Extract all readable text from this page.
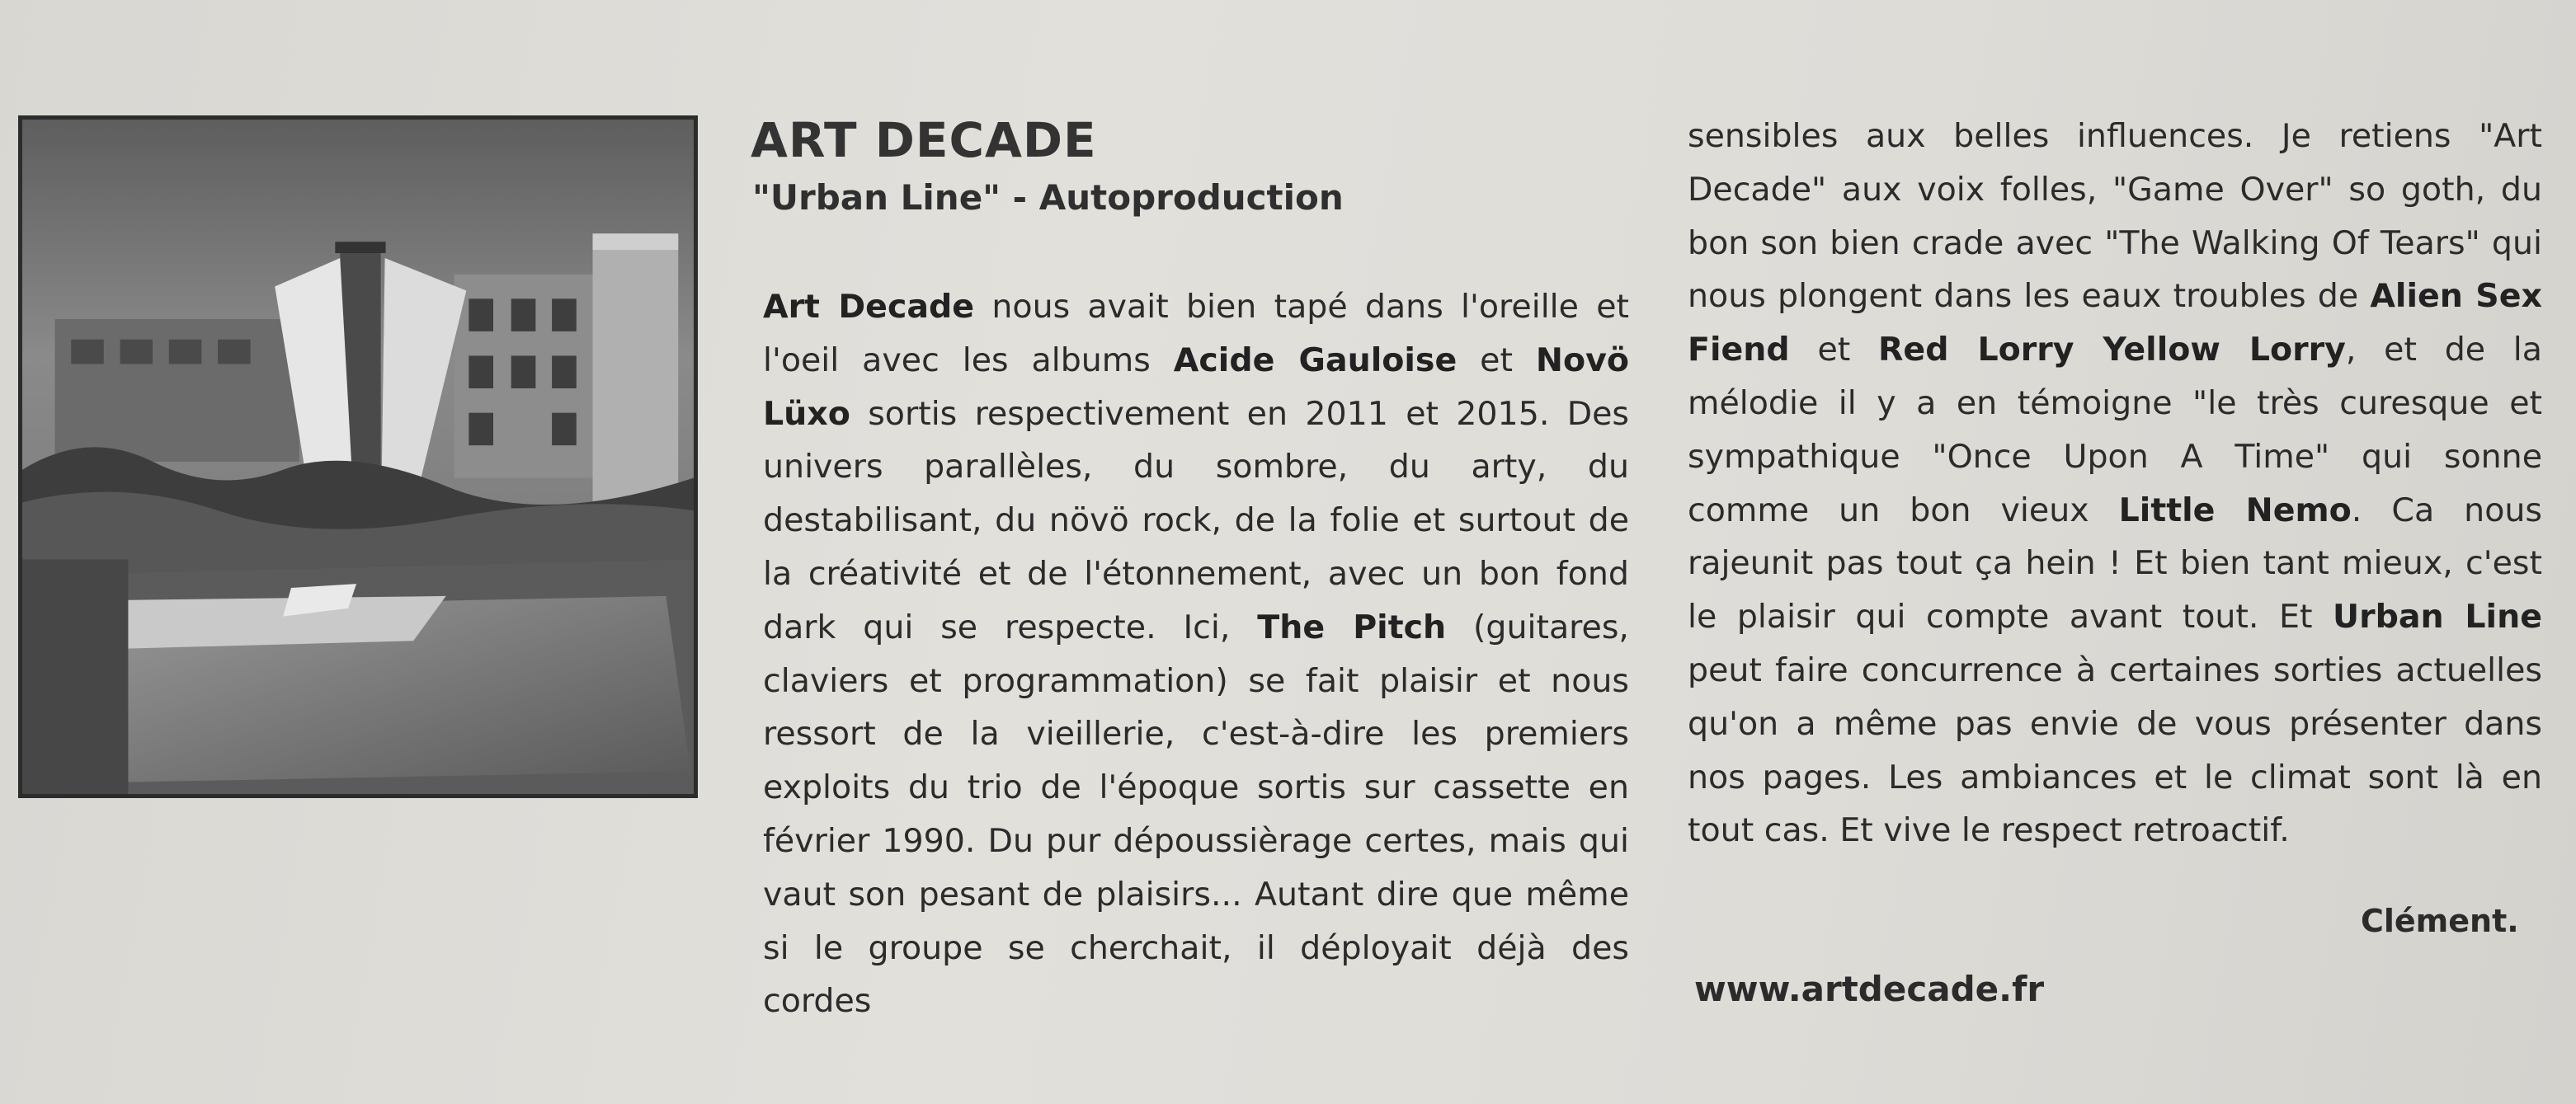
ART DECADE
"Urban Line" - Autoproduction
Art Decade nous avait bien tapé dans l'oreille et l'oeil avec les albums Acide Gauloise et Novö Lüxo sortis respectivement en 2011 et 2015. Des univers parallèles, du sombre, du arty, du destabilisant, du növö rock, de la folie et surtout de la créativité et de l'étonnement, avec un bon fond dark qui se respecte. Ici, The Pitch (guitares, claviers et programmation) se fait plaisir et nous ressort de la vieillerie, c'est-à-dire les premiers exploits du trio de l'époque sortis sur cassette en février 1990. Du pur dépoussièrage certes, mais qui vaut son pesant de plaisirs... Autant dire que même si le groupe se cherchait, il déployait déjà des cordes
sensibles aux belles influences. Je retiens "Art Decade" aux voix folles, "Game Over" so goth, du bon son bien crade avec "The Walking Of Tears" qui nous plongent dans les eaux troubles de Alien Sex Fiend et Red Lorry Yellow Lorry, et de la mélodie il y a en témoigne "le très curesque et sympathique "Once Upon A Time" qui sonne comme un bon vieux Little Nemo. Ca nous rajeunit pas tout ça hein ! Et bien tant mieux, c'est le plaisir qui compte avant tout. Et Urban Line peut faire concurrence à certaines sorties actuelles qu'on a même pas envie de vous présenter dans nos pages. Les ambiances et le climat sont là en tout cas. Et vive le respect retroactif.
Clément.
www.artdecade.fr
